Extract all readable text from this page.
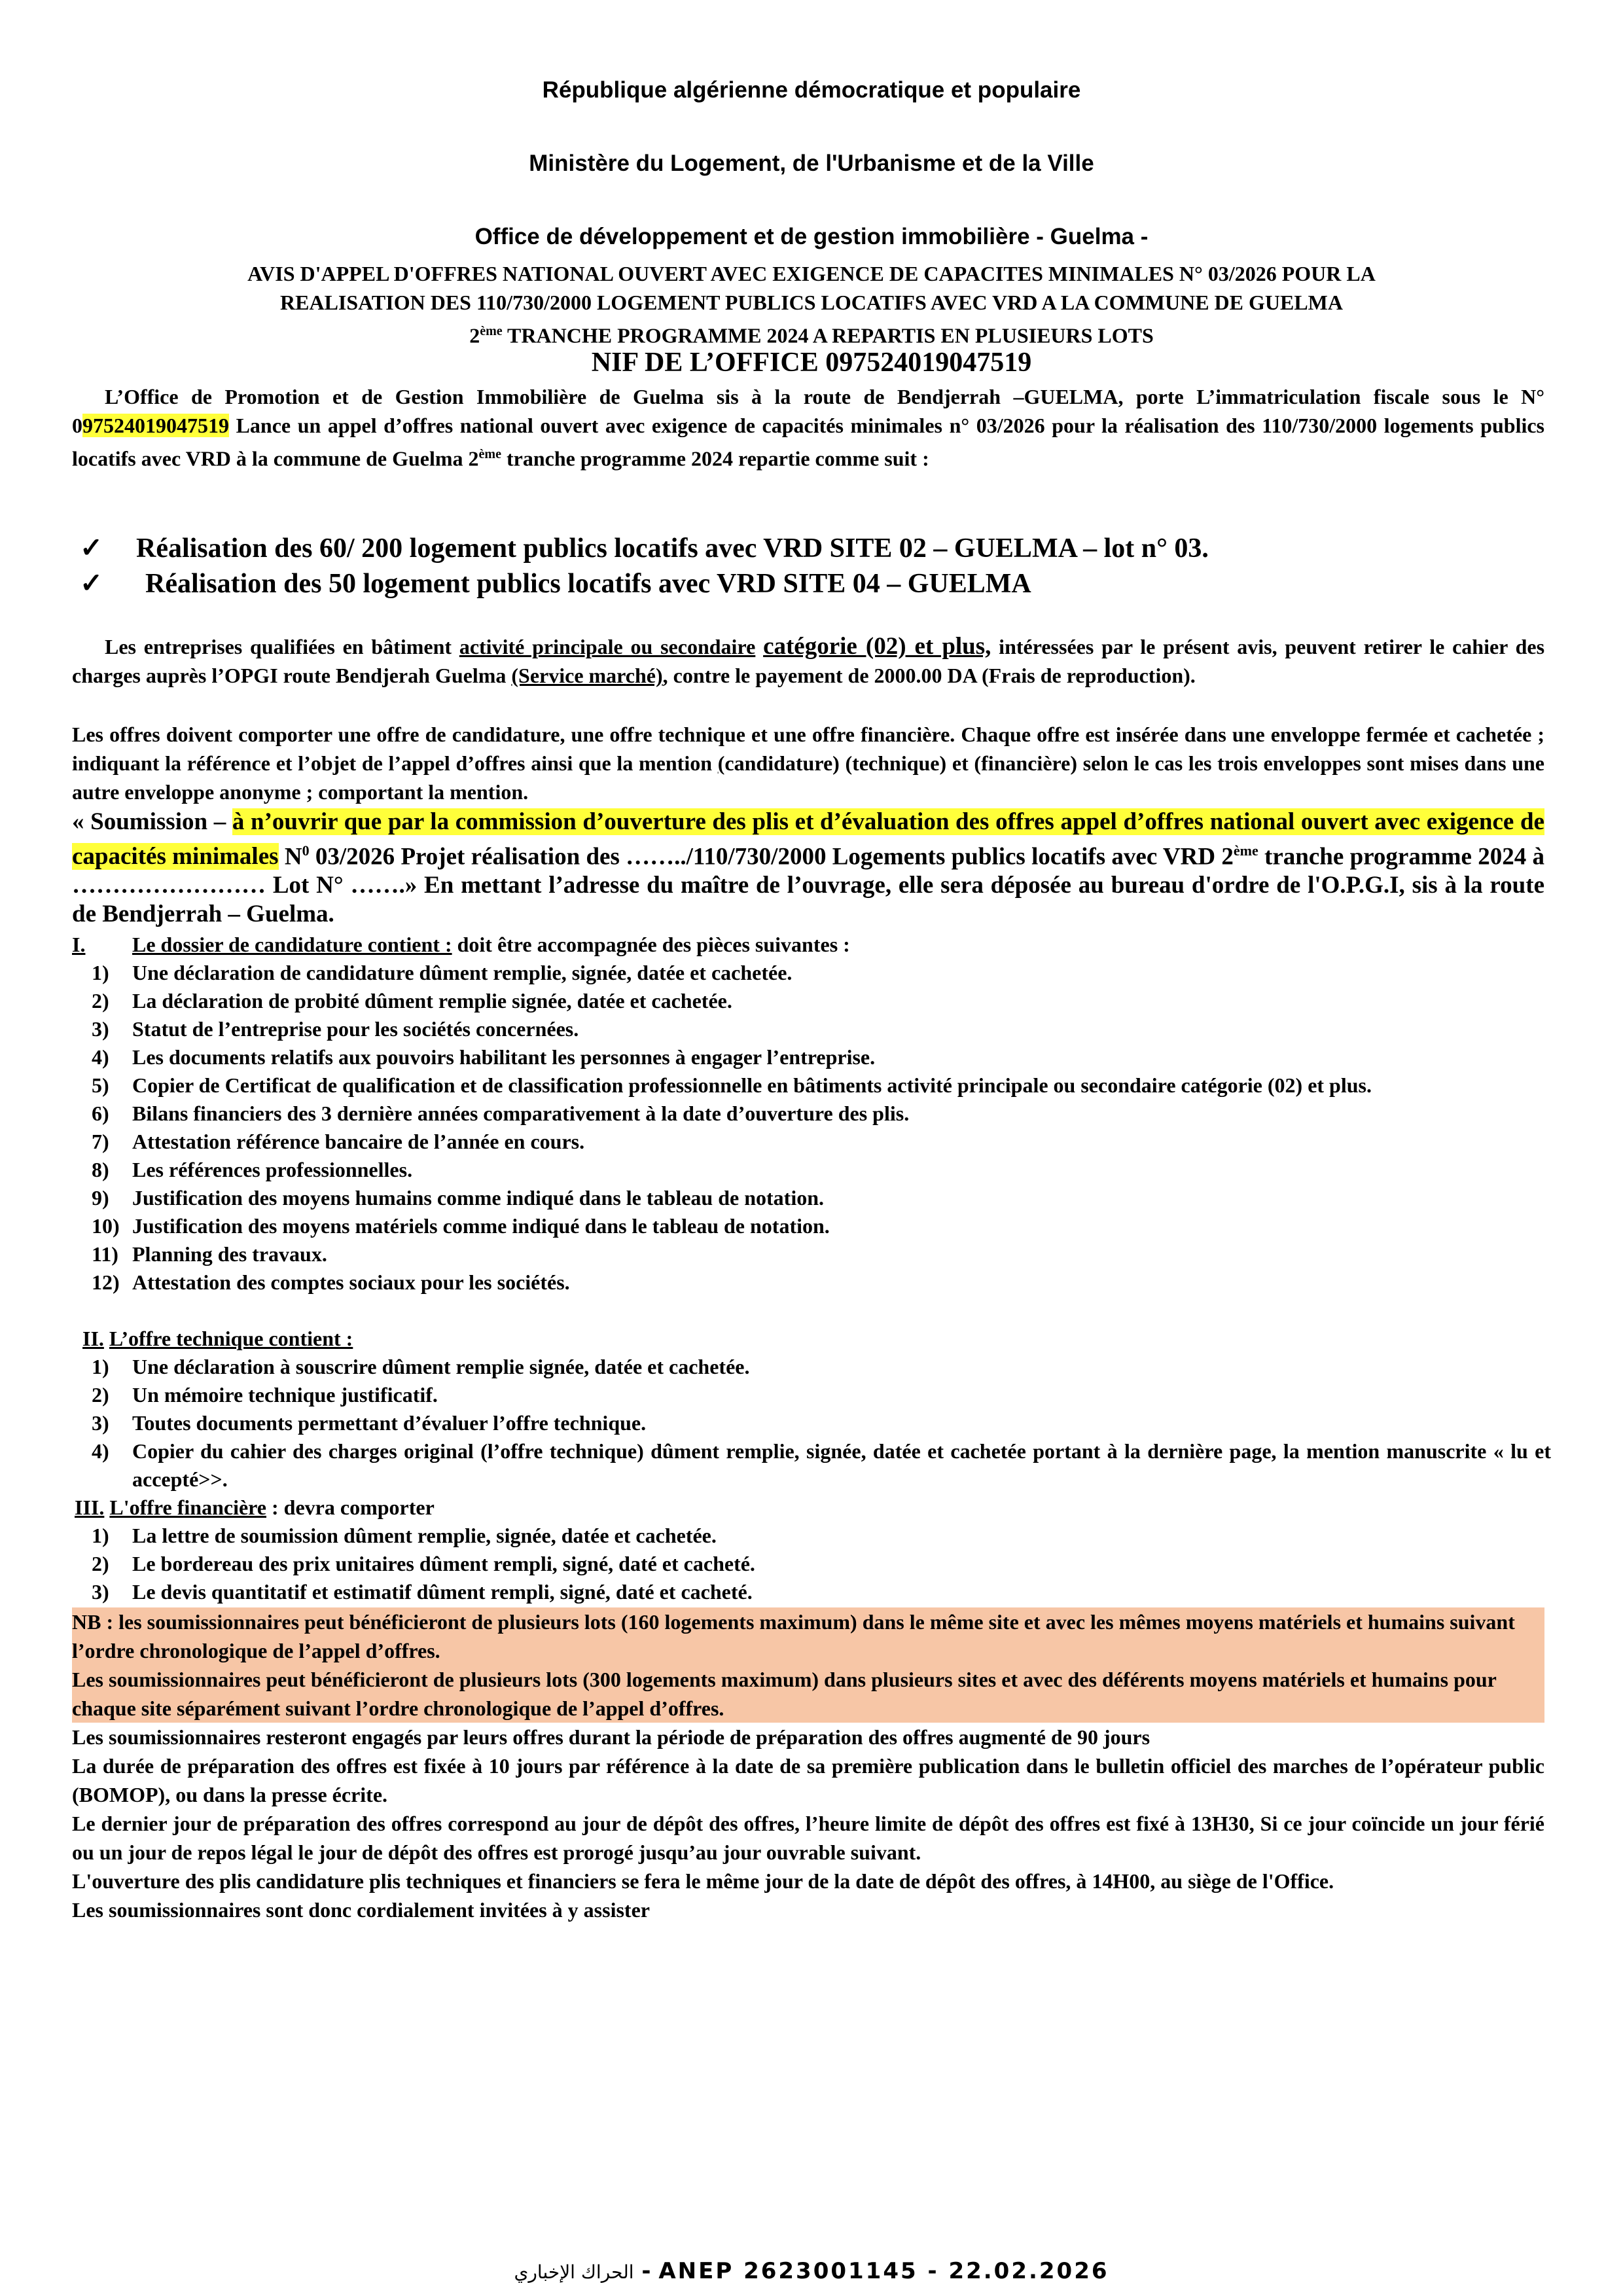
République algérienne démocratique et populaire
Ministère du Logement, de l'Urbanisme et de la Ville
Office de développement et de gestion immobilière - Guelma -
AVIS D'APPEL D'OFFRES NATIONAL OUVERT AVEC EXIGENCE DE CAPACITES MINIMALES N° 03/2026 POUR LA
REALISATION DES 110/730/2000 LOGEMENT PUBLICS LOCATIFS AVEC VRD A LA COMMUNE DE GUELMA
2ème TRANCHE PROGRAMME 2024 A REPARTIS EN PLUSIEURS LOTS
NIF DE L’OFFICE 097524019047519
L’Office de Promotion et de Gestion Immobilière de Guelma sis à la route de Bendjerrah –GUELMA, porte L’immatriculation fiscale sous le N° 097524019047519 Lance un appel d’offres national ouvert avec exigence de capacités minimales n° 03/2026 pour la réalisation des 110/730/2000 logements publics locatifs avec VRD à la commune de Guelma 2ème tranche programme 2024 repartie comme suit :
✓ Réalisation des 60/ 200 logement publics locatifs avec VRD SITE 02 – GUELMA – lot n° 03.
✓ Réalisation des 50 logement publics locatifs avec VRD SITE 04 – GUELMA
Les entreprises qualifiées en bâtiment activité principale ou secondaire catégorie (02) et plus, intéressées par le présent avis, peuvent retirer le cahier des charges auprès l’OPGI route Bendjerah Guelma (Service marché), contre le payement de 2000.00 DA (Frais de reproduction).
Les offres doivent comporter une offre de candidature, une offre technique et une offre financière. Chaque offre est insérée dans une enveloppe fermée et cachetée ; indiquant la référence et l’objet de l’appel d’offres ainsi que la mention (candidature) (technique) et (financière) selon le cas les trois enveloppes sont mises dans une autre enveloppe anonyme ; comportant la mention.
« Soumission – à n’ouvrir que par la commission d’ouverture des plis et d’évaluation des offres appel d’offres national ouvert avec exigence de capacités minimales $N^0$ 03/2026 Projet réalisation des ……../110/730/2000 Logements publics locatifs avec VRD 2ème tranche programme 2024 à …………………… Lot N° …….» En mettant l’adresse du maître de l’ouvrage, elle sera déposée au bureau d'ordre de l'O.P.G.I, sis à la route de Bendjerrah – Guelma.
I.	Le dossier de candidature contient : doit être accompagnée des pièces suivantes :
1)	Une déclaration de candidature dûment remplie, signée, datée et cachetée.
2)	La déclaration de probité dûment remplie signée, datée et cachetée.
3)	Statut de l’entreprise pour les sociétés concernées.
4)	Les documents relatifs aux pouvoirs habilitant les personnes à engager l’entreprise.
5)	Copier de Certificat de qualification et de classification professionnelle en bâtiments activité principale ou secondaire catégorie (02) et plus.
6)	Bilans financiers des 3 dernière années comparativement à la date d’ouverture des plis.
7)	Attestation référence bancaire de l’année en cours.
8)	Les références professionnelles.
9)	Justification des moyens humains comme indiqué dans le tableau de notation.
10) Justification des moyens matériels comme indiqué dans le tableau de notation.
11) Planning des travaux.
12) Attestation des comptes sociaux pour les sociétés.
II. L’offre technique contient :
1)	Une déclaration à souscrire dûment remplie signée, datée et cachetée.
2)	Un mémoire technique justificatif.
3)	Toutes documents permettant d’évaluer l’offre technique.
4)	Copier du cahier des charges original (l’offre technique) dûment remplie, signée, datée et cachetée portant à la dernière page, la mention manuscrite « lu et accepté>>.
III. L'offre financière : devra comporter
1)	La lettre de soumission dûment remplie, signée, datée et cachetée.
2)	Le bordereau des prix unitaires dûment rempli, signé, daté et cacheté.
3)	Le devis quantitatif et estimatif dûment rempli, signé, daté et cacheté.
NB : les soumissionnaires peut bénéficieront de plusieurs lots (160 logements maximum) dans le même site et avec les mêmes moyens matériels et humains suivant l’ordre chronologique de l’appel d’offres.
Les soumissionnaires peut bénéficieront de plusieurs lots (300 logements maximum) dans plusieurs sites et avec des déférents moyens matériels et humains pour chaque site séparément suivant l’ordre chronologique de l’appel d’offres.
Les soumissionnaires resteront engagés par leurs offres durant la période de préparation des offres augmenté de 90 jours
La durée de préparation des offres est fixée à 10 jours par référence à la date de sa première publication dans le bulletin officiel des marches de l’opérateur public (BOMOP), ou dans la presse écrite.
Le dernier jour de préparation des offres correspond au jour de dépôt des offres, l’heure limite de dépôt des offres est fixé à 13H30, Si ce jour coïncide un jour férié ou un jour de repos légal le jour de dépôt des offres est prorogé jusqu’au jour ouvrable suivant.
L'ouverture des plis candidature plis techniques et financiers se fera le même jour de la date de dépôt des offres, à 14H00, au siège de l'Office.
Les soumissionnaires sont donc cordialement invitées à y assister
الحراك الإخباري - ANEP 2623001145 - 22.02.2026
